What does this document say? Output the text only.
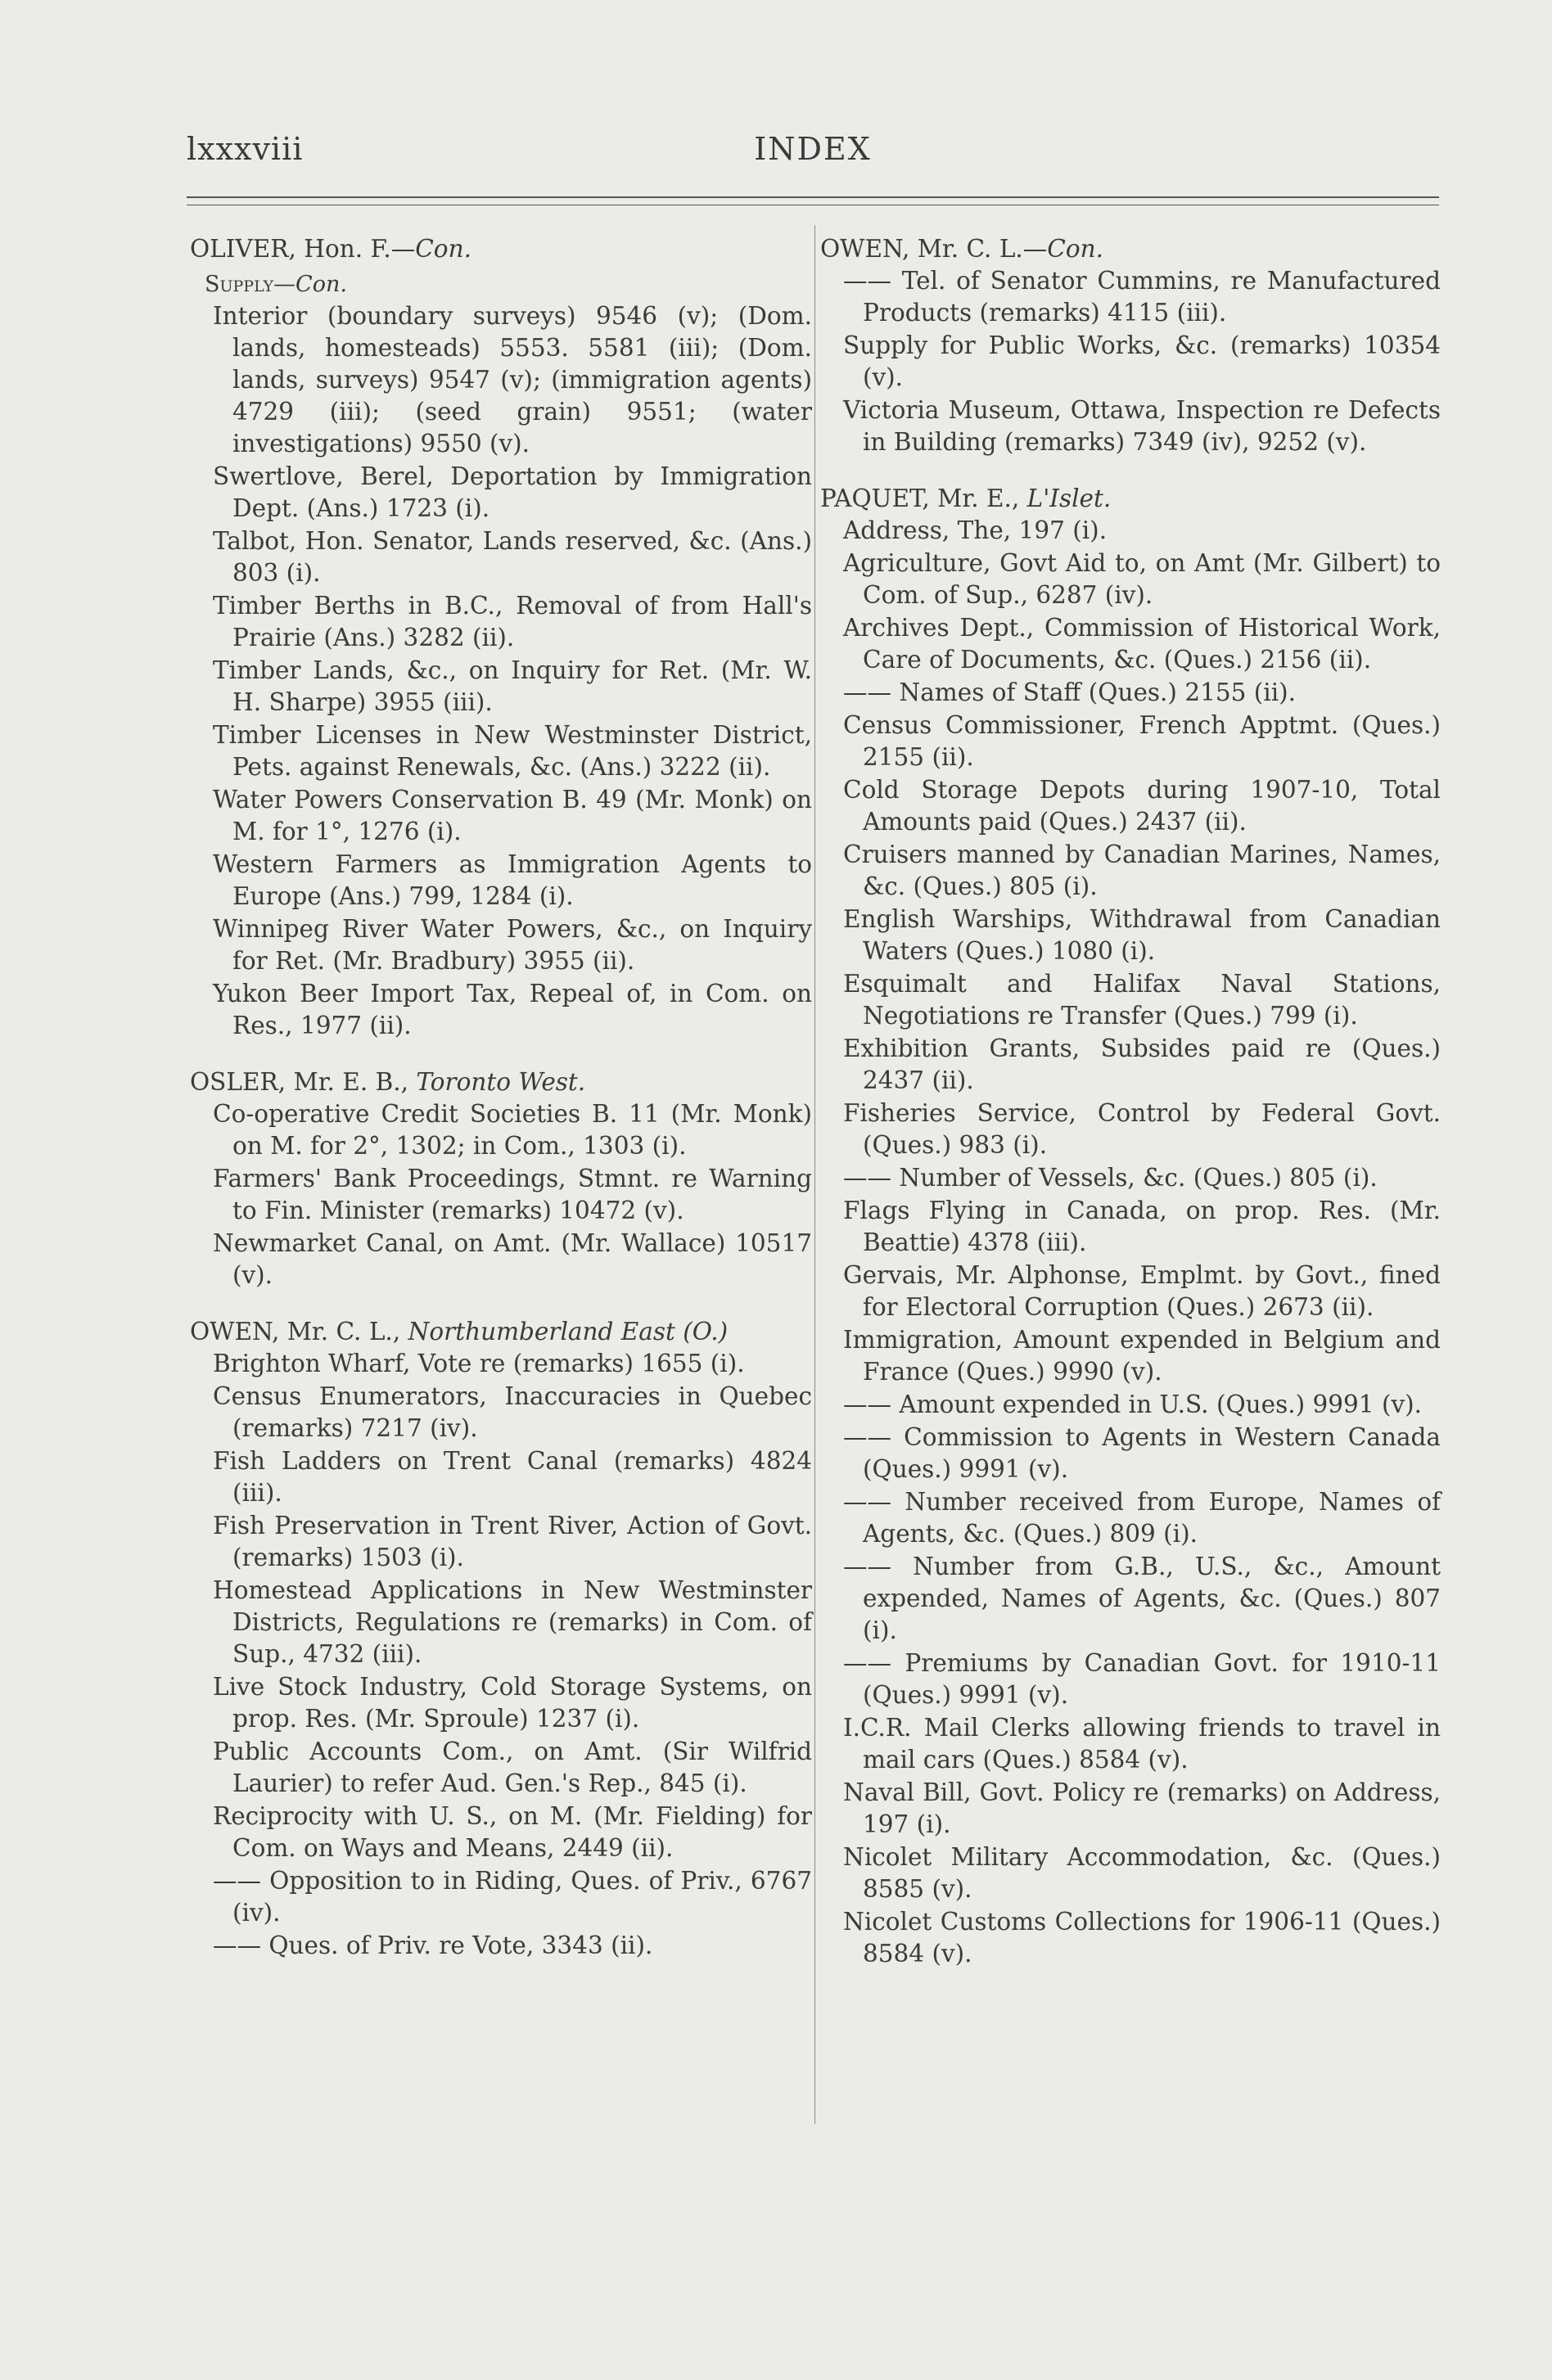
lxxxviii	INDEX

OLIVER, Hon. F.—Con.

Supply—Con.

Interior (boundary surveys) 9546 (v); (Dom. lands, homesteads) 5553. 5581 (iii); (Dom. lands, surveys) 9547 (v); (immigration agents) 4729 (iii); (seed grain) 9551; (water investigations) 9550 (v).

Swertlove, Berel, Deportation by Immigration Dept. (Ans.) 1723 (i).

Talbot, Hon. Senator, Lands reserved, &c. (Ans.) 803 (i).

Timber Berths in B.C., Removal of from Hall's Prairie (Ans.) 3282 (ii).

Timber Lands, &c., on Inquiry for Ret. (Mr. W. H. Sharpe) 3955 (iii).

Timber Licenses in New Westminster District, Pets. against Renewals, &c. (Ans.) 3222 (ii).

Water Powers Conservation B. 49 (Mr. Monk) on M. for 1°, 1276 (i).

Western Farmers as Immigration Agents to Europe (Ans.) 799, 1284 (i).

Winnipeg River Water Powers, &c., on Inquiry for Ret. (Mr. Bradbury) 3955 (ii).

Yukon Beer Import Tax, Repeal of, in Com. on Res., 1977 (ii).

OSLER, Mr. E. B., Toronto West.

Co-operative Credit Societies B. 11 (Mr. Monk) on M. for 2°, 1302; in Com., 1303 (i).

Farmers' Bank Proceedings, Stmnt. re Warning to Fin. Minister (remarks) 10472 (v).

Newmarket Canal, on Amt. (Mr. Wallace) 10517 (v).

OWEN, Mr. C. L., Northumberland East (O.)

Brighton Wharf, Vote re (remarks) 1655 (i).

Census Enumerators, Inaccuracies in Quebec (remarks) 7217 (iv).

Fish Ladders on Trent Canal (remarks) 4824 (iii).

Fish Preservation in Trent River, Action of Govt. (remarks) 1503 (i).

Homestead Applications in New Westminster Districts, Regulations re (remarks) in Com. of Sup., 4732 (iii).

Live Stock Industry, Cold Storage Systems, on prop. Res. (Mr. Sproule) 1237 (i).

Public Accounts Com., on Amt. (Sir Wilfrid Laurier) to refer Aud. Gen.'s Rep., 845 (i).

Reciprocity with U. S., on M. (Mr. Fielding) for Com. on Ways and Means, 2449 (ii).

—— Opposition to in Riding, Ques. of Priv., 6767 (iv).

—— Ques. of Priv. re Vote, 3343 (ii).

OWEN, Mr. C. L.—Con.

—— Tel. of Senator Cummins, re Manufactured Products (remarks) 4115 (iii).

Supply for Public Works, &c. (remarks) 10354 (v).

Victoria Museum, Ottawa, Inspection re Defects in Building (remarks) 7349 (iv), 9252 (v).

PAQUET, Mr. E., L'Islet.

Address, The, 197 (i).

Agriculture, Govt Aid to, on Amt (Mr. Gilbert) to Com. of Sup., 6287 (iv).

Archives Dept., Commission of Historical Work, Care of Documents, &c. (Ques.) 2156 (ii).

—— Names of Staff (Ques.) 2155 (ii).

Census Commissioner, French Apptmt. (Ques.) 2155 (ii).

Cold Storage Depots during 1907-10, Total Amounts paid (Ques.) 2437 (ii).

Cruisers manned by Canadian Marines, Names, &c. (Ques.) 805 (i).

English Warships, Withdrawal from Canadian Waters (Ques.) 1080 (i).

Esquimalt and Halifax Naval Stations, Negotiations re Transfer (Ques.) 799 (i).

Exhibition Grants, Subsides paid re (Ques.) 2437 (ii).

Fisheries Service, Control by Federal Govt. (Ques.) 983 (i).

—— Number of Vessels, &c. (Ques.) 805 (i).

Flags Flying in Canada, on prop. Res. (Mr. Beattie) 4378 (iii).

Gervais, Mr. Alphonse, Emplmt. by Govt., fined for Electoral Corruption (Ques.) 2673 (ii).

Immigration, Amount expended in Belgium and France (Ques.) 9990 (v).

—— Amount expended in U.S. (Ques.) 9991 (v).

—— Commission to Agents in Western Canada (Ques.) 9991 (v).

—— Number received from Europe, Names of Agents, &c. (Ques.) 809 (i).

—— Number from G.B., U.S., &c., Amount expended, Names of Agents, &c. (Ques.) 807 (i).

—— Premiums by Canadian Govt. for 1910-11 (Ques.) 9991 (v).

I.C.R. Mail Clerks allowing friends to travel in mail cars (Ques.) 8584 (v).

Naval Bill, Govt. Policy re (remarks) on Address, 197 (i).

Nicolet Military Accommodation, &c. (Ques.) 8585 (v).

Nicolet Customs Collections for 1906-11 (Ques.) 8584 (v).
